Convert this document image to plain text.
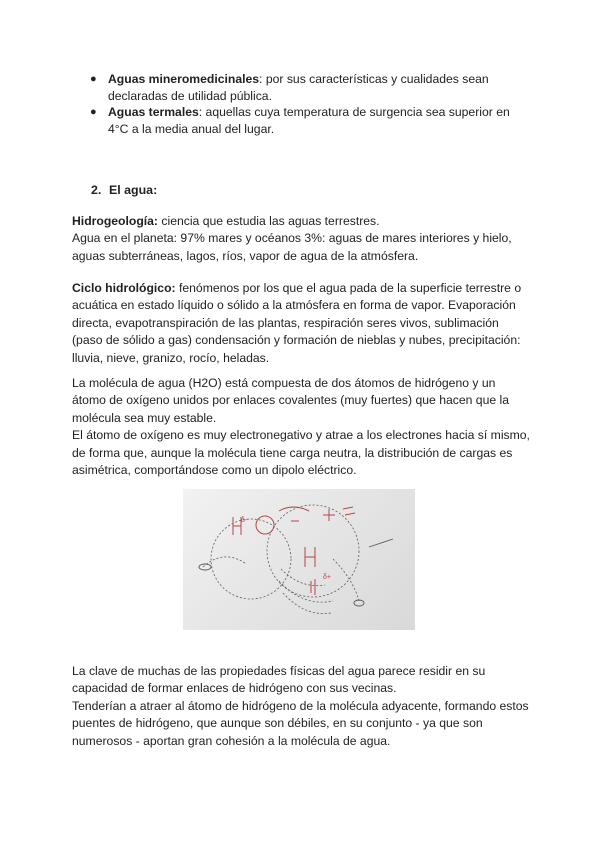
● Aguas mineromedicinales: por sus características y cualidades sean declaradas de utilidad pública.
● Aguas termales: aquellas cuya temperatura de surgencia sea superior en 4°C a la media anual del lugar.
2. El agua:

Hidrogeología: ciencia que estudia las aguas terrestres.
Agua en el planeta: 97% mares y océanos 3%: aguas de mares interiores y hielo, aguas subterráneas, lagos, ríos, vapor de agua de la atmósfera.

Ciclo hidrológico: fenómenos por los que el agua pada de la superficie terrestre o acuática en estado líquido o sólido a la atmósfera en forma de vapor. Evaporación directa, evapotranspiración de las plantas, respiración seres vivos, sublimación (paso de sólido a gas) condensación y formación de nieblas y nubes, precipitación: lluvia, nieve, granizo, rocío, heladas.

La molécula de agua (H2O) está compuesta de dos átomos de hidrógeno y un átomo de oxígeno unidos por enlaces covalentes (muy fuertes) que hacen que la molécula sea muy estable.
El átomo de oxígeno es muy electronegativo y atrae a los electrones hacia sí mismo, de forma que, aunque la molécula tiene carga neutra, la distribución de cargas es asimétrica, comportándose como un dipolo eléctrico.

δ-
δ+

La clave de muchas de las propiedades físicas del agua parece residir en su capacidad de formar enlaces de hidrógeno con sus vecinas.
Tenderían a atraer al átomo de hidrógeno de la molécula adyacente, formando estos puentes de hidrógeno, que aunque son débiles, en su conjunto - ya que son numerosos - aportan gran cohesión a la molécula de agua.
